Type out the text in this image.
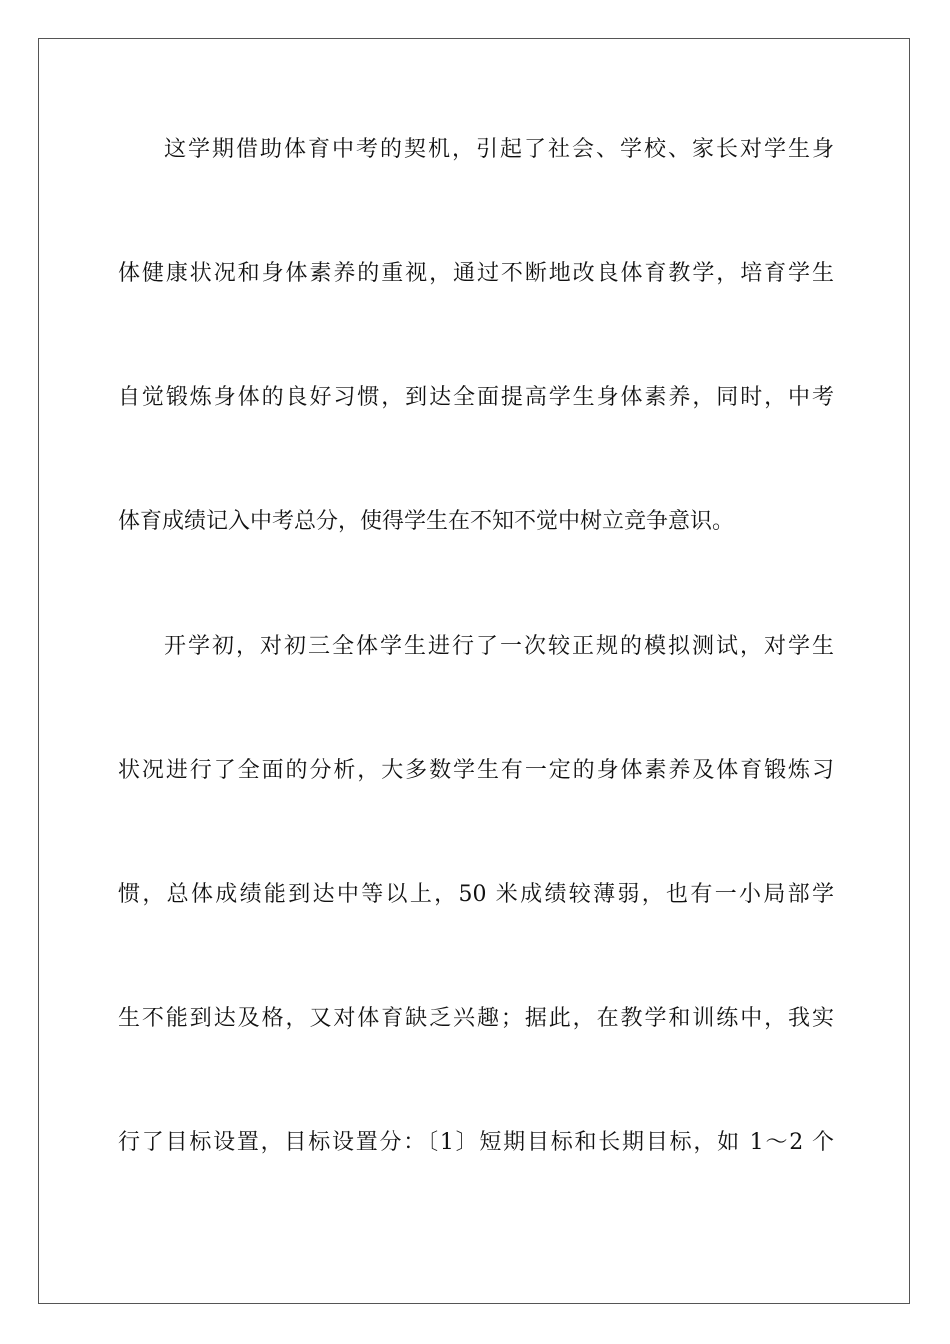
这学期借助体育中考的契机，引起了社会、学校、家长对学生身
体健康状况和身体素养的重视，通过不断地改良体育教学，培育学生
自觉锻炼身体的良好习惯，到达全面提高学生身体素养，同时，中考
体育成绩记入中考总分，使得学生在不知不觉中树立竞争意识。
开学初，对初三全体学生进行了一次较正规的模拟测试，对学生
状况进行了全面的分析，大多数学生有一定的身体素养及体育锻炼习
惯，总体成绩能到达中等以上，50 米成绩较薄弱，也有一小局部学
生不能到达及格，又对体育缺乏兴趣；据此，在教学和训练中，我实
行了目标设置，目标设置分：〔1〕短期目标和长期目标，如 1～2 个
